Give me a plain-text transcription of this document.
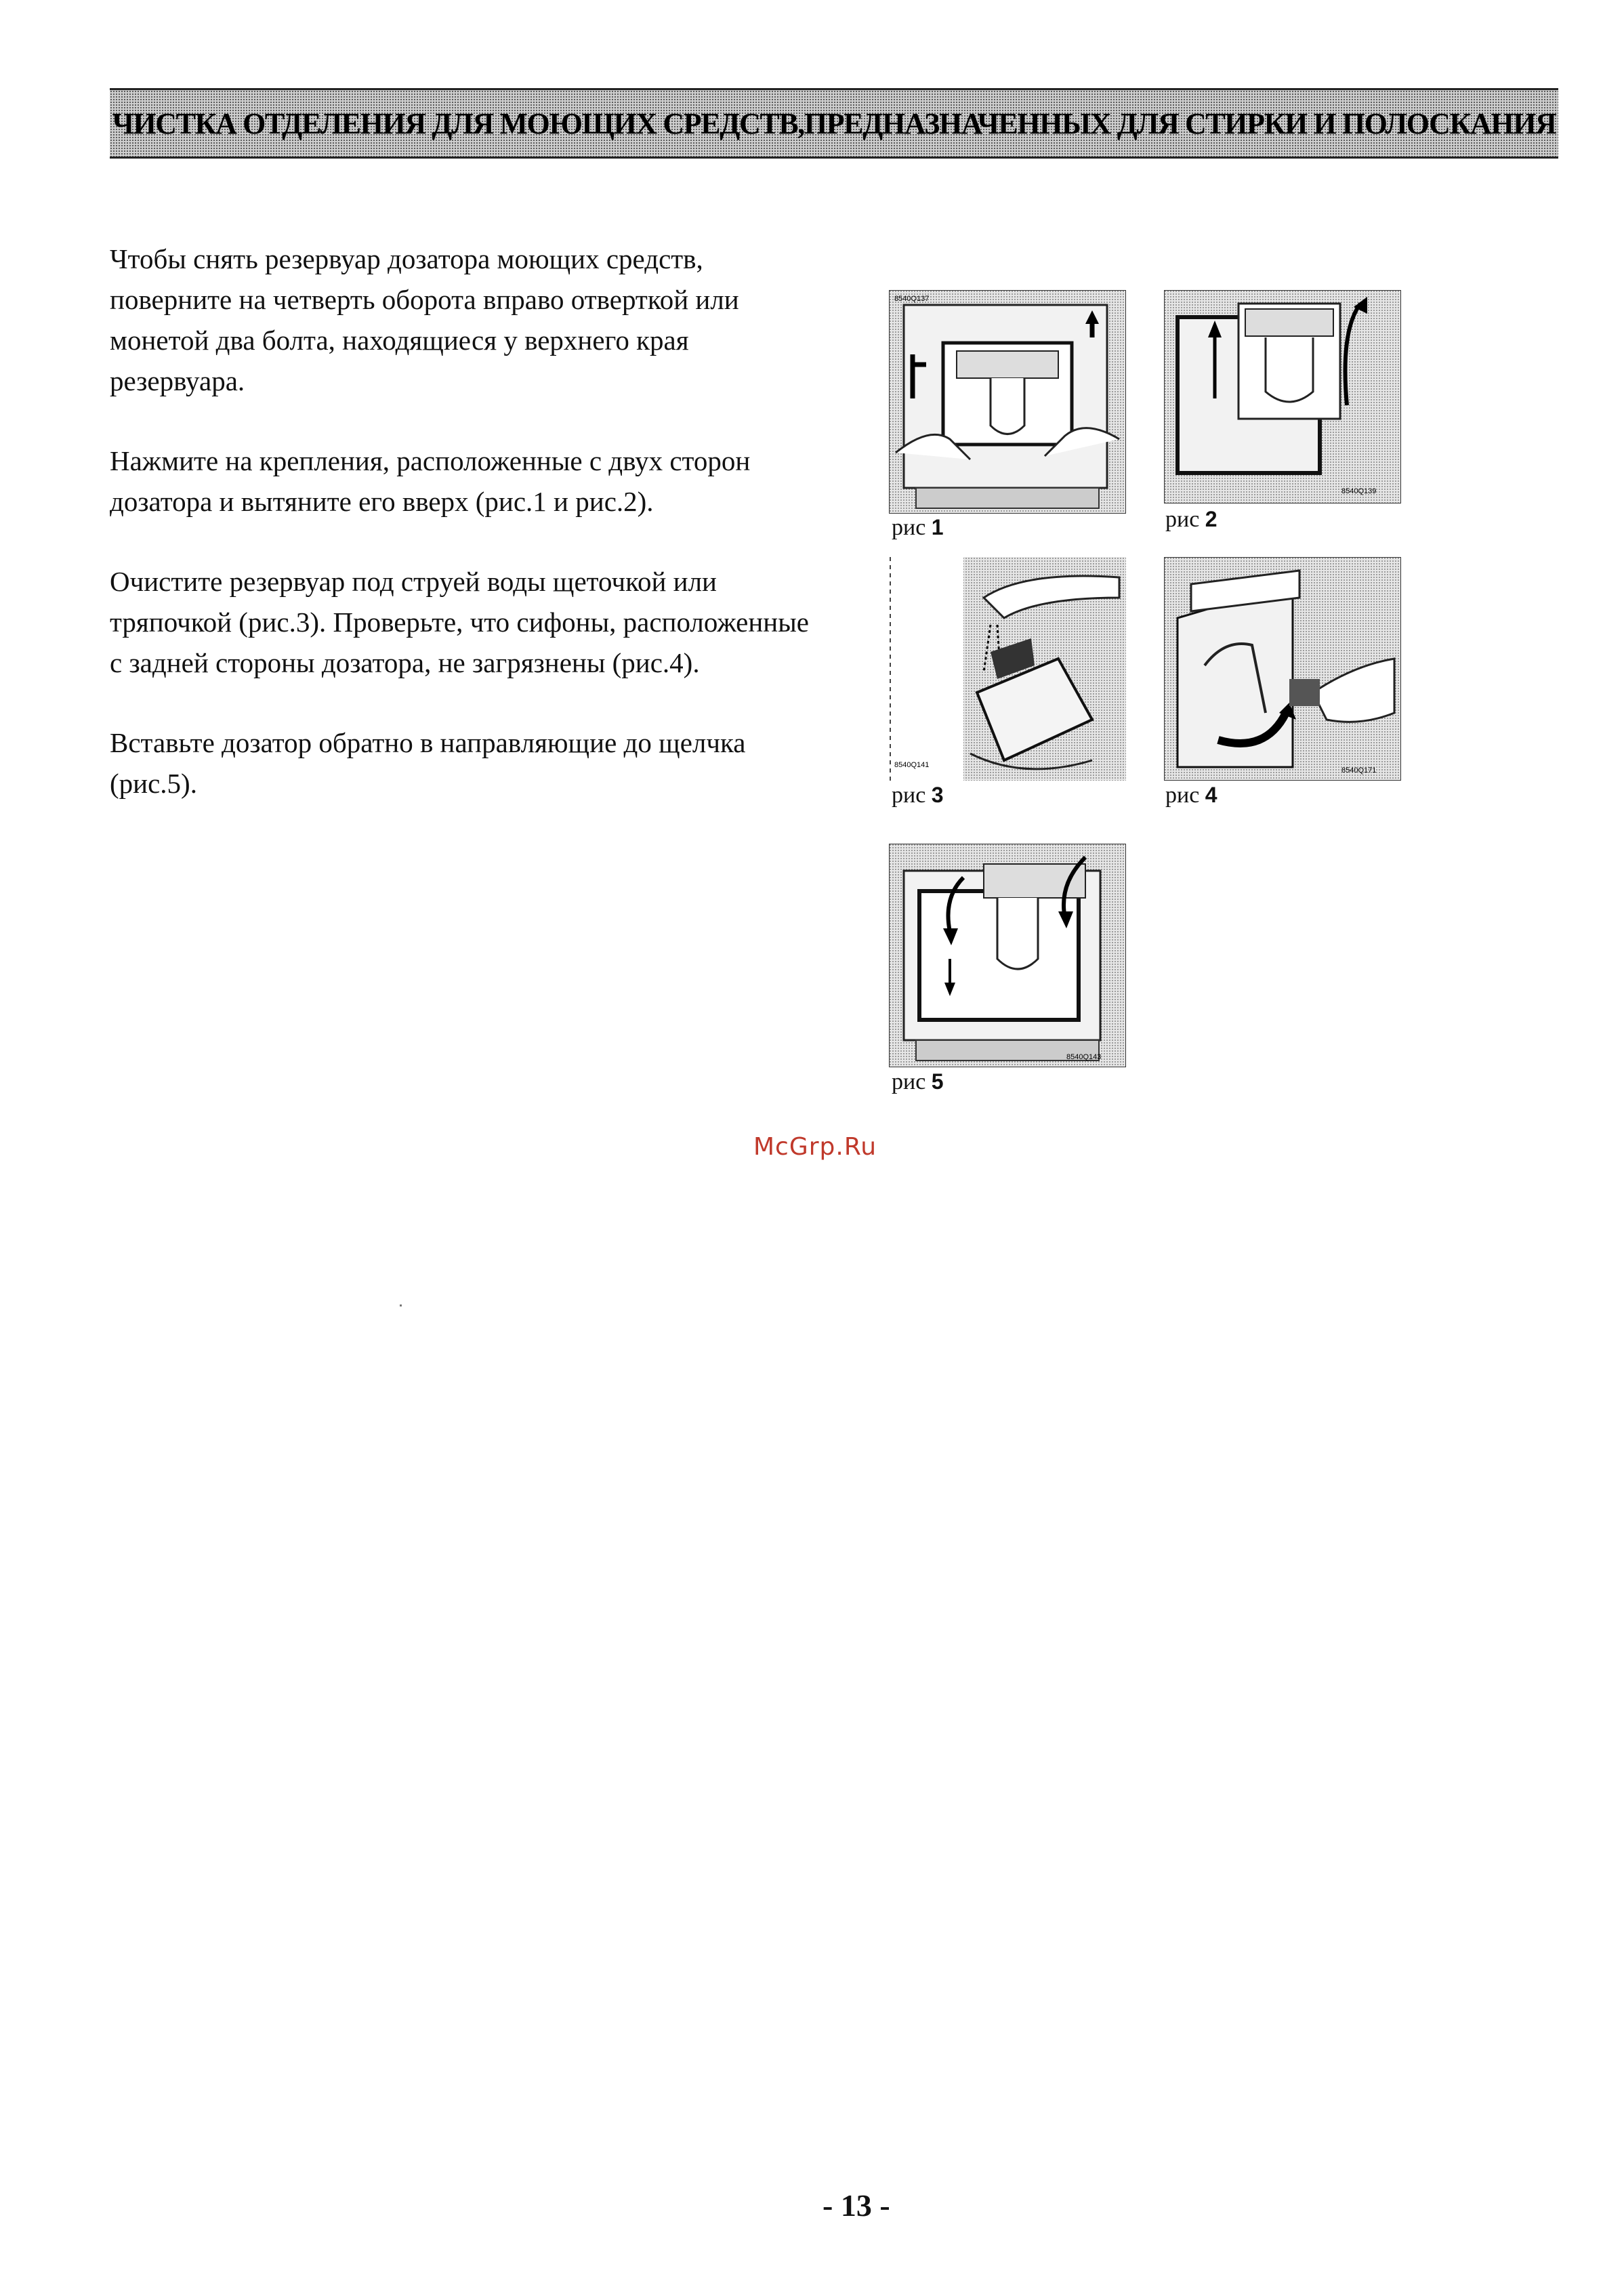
ЧИСТКА ОТДЕЛЕНИЯ ДЛЯ МОЮЩИХ СРЕДСТВ,ПРЕДНАЗНАЧЕННЫХ ДЛЯ СТИРКИ И ПОЛОСКАНИЯ

Чтобы снять резервуар дозатора моющих средств, поверните на четверть оборота вправо отверткой или монетой два болта, находящиеся у верхнего края резервуара.

Нажмите на крепления, расположенные с двух сторон дозатора и вытяните его вверх (рис.1 и рис.2).

Очистите резервуар под струей воды щеточкой или тряпочкой (рис.3). Проверьте, что сифоны, расположенные с задней стороны дозатора, не загрязнены (рис.4).

Вставьте дозатор обратно в направляющие до щелчка (рис.5).

8540Q137
рис 1
8540Q139
рис 2
8540Q141
рис 3
8540Q171
рис 4
8540Q143
рис 5
McGrp.Ru
- 13 -
